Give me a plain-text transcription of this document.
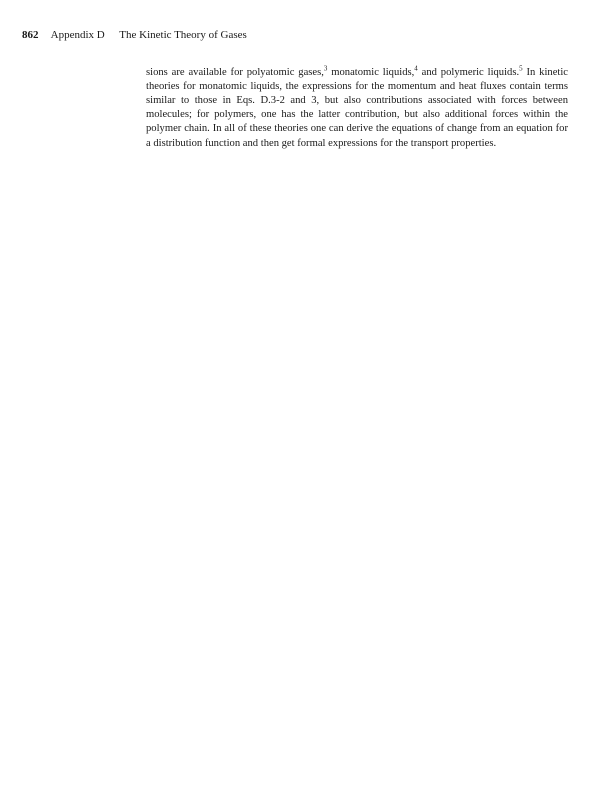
862 Appendix D The Kinetic Theory of Gases

sions are available for polyatomic gases,$^3$ monatomic liquids,$^4$ and polymeric liquids.$^5$ In kinetic theories for monatomic liquids, the expressions for the momentum and heat fluxes contain terms similar to those in Eqs. D.3-2 and 3, but also contributions associated with forces between molecules; for polymers, one has the latter contribution, but also additional forces within the polymer chain. In all of these theories one can derive the equations of change from an equation for a distribution function and then get formal expressions for the transport properties.
